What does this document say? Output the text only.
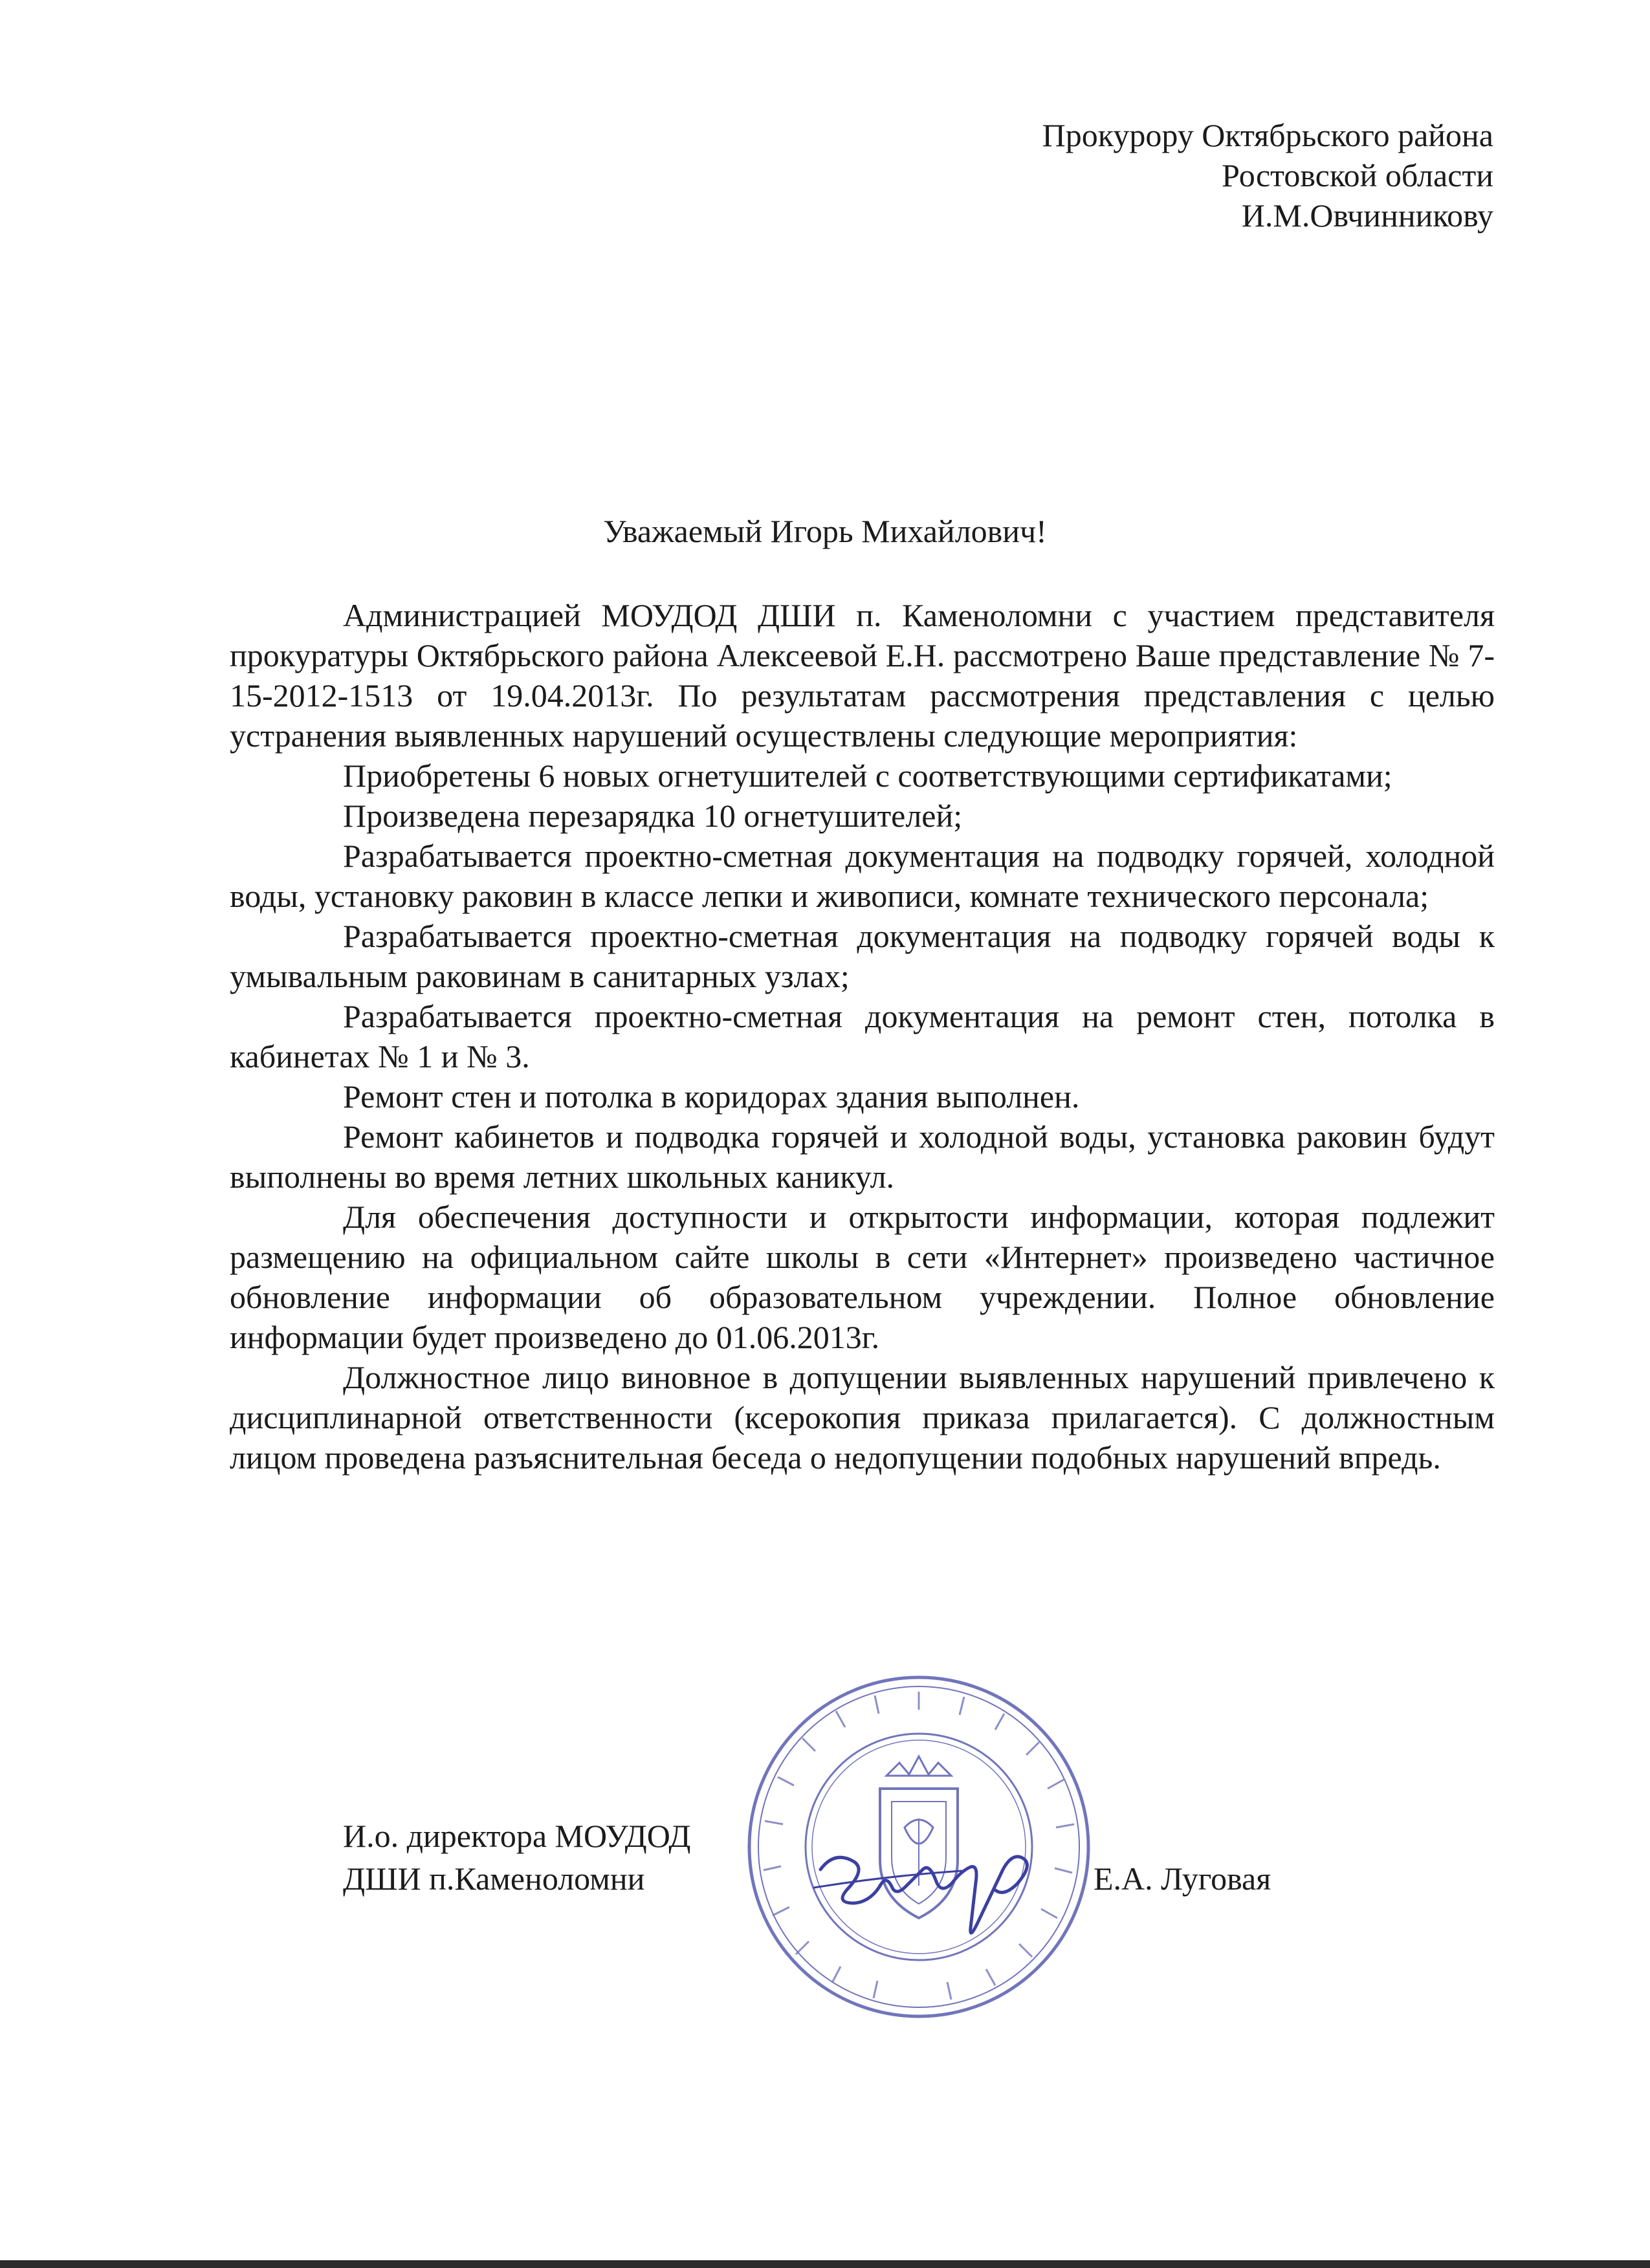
Прокурору Октябрьского района
Ростовской области
И.М.Овчинникову
Уважаемый Игорь Михайлович!

Администрацией МОУДОД ДШИ п. Каменоломни с участием представителя прокуратуры Октябрьского района Алексеевой Е.Н. рассмотрено Ваше представление № 7-15-2012-1513 от 19.04.2013г. По результатам рассмотрения представления с целью устранения выявленных нарушений осуществлены следующие мероприятия:

Приобретены 6 новых огнетушителей с соответствующими сертификатами;

Произведена перезарядка 10 огнетушителей;

Разрабатывается проектно-сметная документация на подводку горячей, холодной воды, установку раковин в классе лепки и живописи, комнате технического персонала;

Разрабатывается проектно-сметная документация на подводку горячей воды к умывальным раковинам в санитарных узлах;

Разрабатывается проектно-сметная документация на ремонт стен, потолка в кабинетах № 1 и № 3.

Ремонт стен и потолка в коридорах здания выполнен.

Ремонт кабинетов и подводка горячей и холодной воды, установка раковин будут выполнены во время летних школьных каникул.

Для обеспечения доступности и открытости информации, которая подлежит размещению на официальном сайте школы в сети «Интернет» произведено частичное обновление информации об образовательном учреждении. Полное обновление информации будет произведено до 01.06.2013г.

Должностное лицо виновное в допущении выявленных нарушений привлечено к дисциплинарной ответственности (ксерокопия приказа прилагается). С должностным лицом проведена разъяснительная беседа о недопущении подобных нарушений впредь.

И.о. директора МОУДОД
ДШИ п.Каменоломни	Е.А. Луговая
